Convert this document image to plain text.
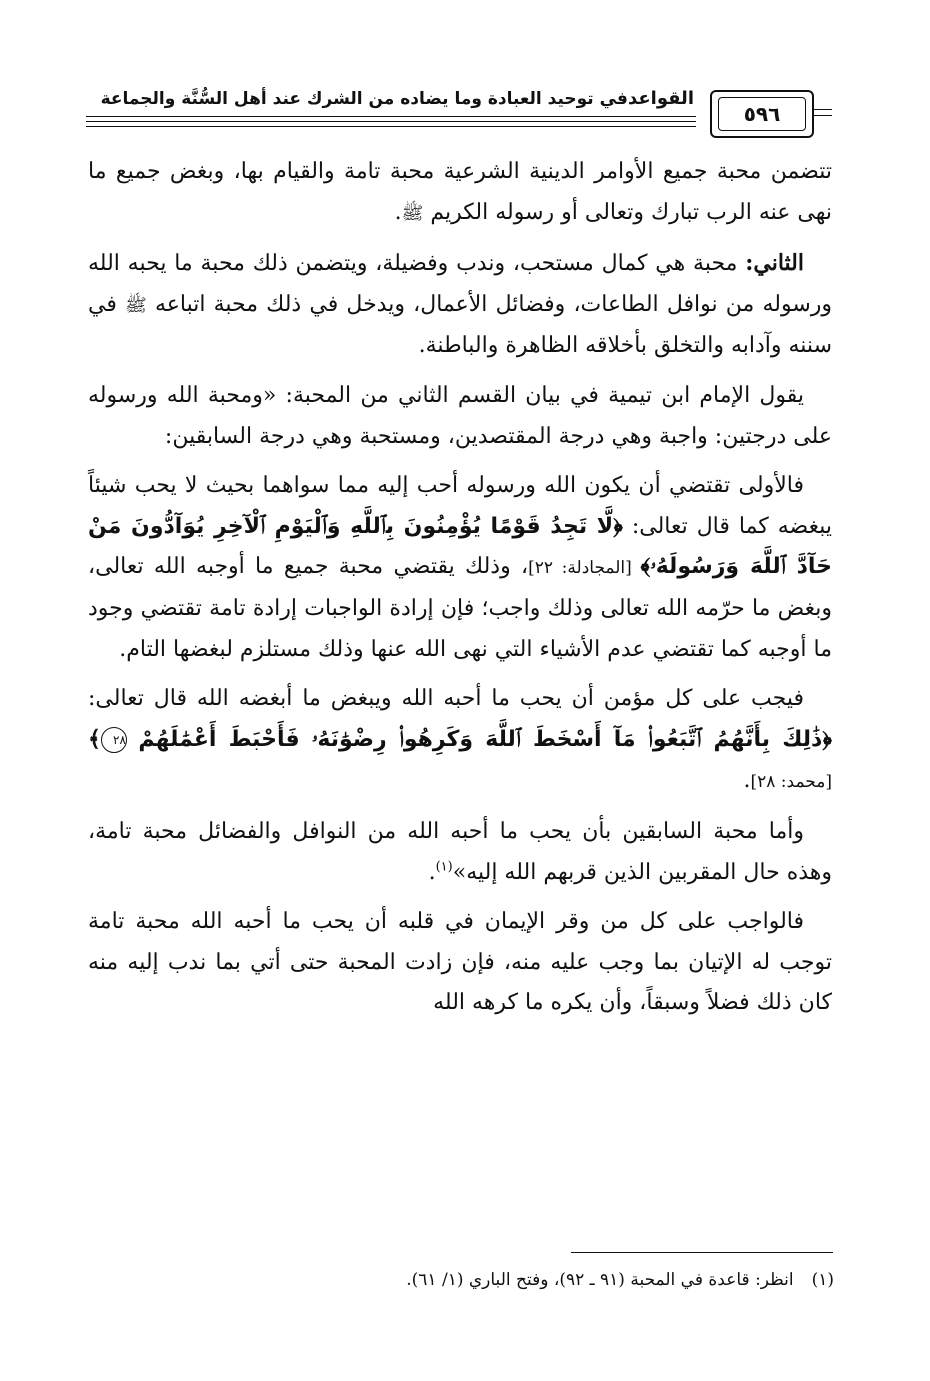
القواعدفي توحيد العبادة وما يضاده من الشرك عند أهل السُّنَّة والجماعة
٥٩٦

تتضمن محبة جميع الأوامر الدينية الشرعية محبة تامة والقيام بها، وبغض جميع ما نهى عنه الرب تبارك وتعالى أو رسوله الكريم ﷺ.

الثاني: محبة هي كمال مستحب، وندب وفضيلة، ويتضمن ذلك محبة ما يحبه الله ورسوله من نوافل الطاعات، وفضائل الأعمال، ويدخل في ذلك محبة اتباعه ﷺ في سننه وآدابه والتخلق بأخلاقه الظاهرة والباطنة.

يقول الإمام ابن تيمية في بيان القسم الثاني من المحبة: «ومحبة الله ورسوله على درجتين: واجبة وهي درجة المقتصدين، ومستحبة وهي درجة السابقين:

فالأولى تقتضي أن يكون الله ورسوله أحب إليه مما سواهما بحيث لا يحب شيئاً يبغضه كما قال تعالى: ﴿لَّا تَجِدُ قَوْمًا يُؤْمِنُونَ بِٱللَّهِ وَٱلْيَوْمِ ٱلْآخِرِ يُوَآدُّونَ مَنْ حَآدَّ ٱللَّهَ وَرَسُولَهُۥ﴾ [المجادلة: ٢٢]، وذلك يقتضي محبة جميع ما أوجبه الله تعالى، وبغض ما حرّمه الله تعالى وذلك واجب؛ فإن إرادة الواجبات إرادة تامة تقتضي وجود ما أوجبه كما تقتضي عدم الأشياء التي نهى الله عنها وذلك مستلزم لبغضها التام.

فيجب على كل مؤمن أن يحب ما أحبه الله ويبغض ما أبغضه الله قال تعالى: ﴿ذَٰلِكَ بِأَنَّهُمُ ٱتَّبَعُوا۟ مَآ أَسْخَطَ ٱللَّهَ وَكَرِهُوا۟ رِضْوَٰنَهُۥ فَأَحْبَطَ أَعْمَٰلَهُمْ ٢٨﴾ [محمد: ٢٨].

وأما محبة السابقين بأن يحب ما أحبه الله من النوافل والفضائل محبة تامة، وهذه حال المقربين الذين قربهم الله إليه»$^{(١)}$.

فالواجب على كل من وقر الإيمان في قلبه أن يحب ما أحبه الله محبة تامة توجب له الإتيان بما وجب عليه منه، فإن زادت المحبة حتى أتي بما ندب إليه منه كان ذلك فضلاً وسبقاً، وأن يكره ما كرهه الله

(١)انظر: قاعدة في المحبة (٩١ ـ ٩٢)، وفتح الباري (١/ ٦١).
